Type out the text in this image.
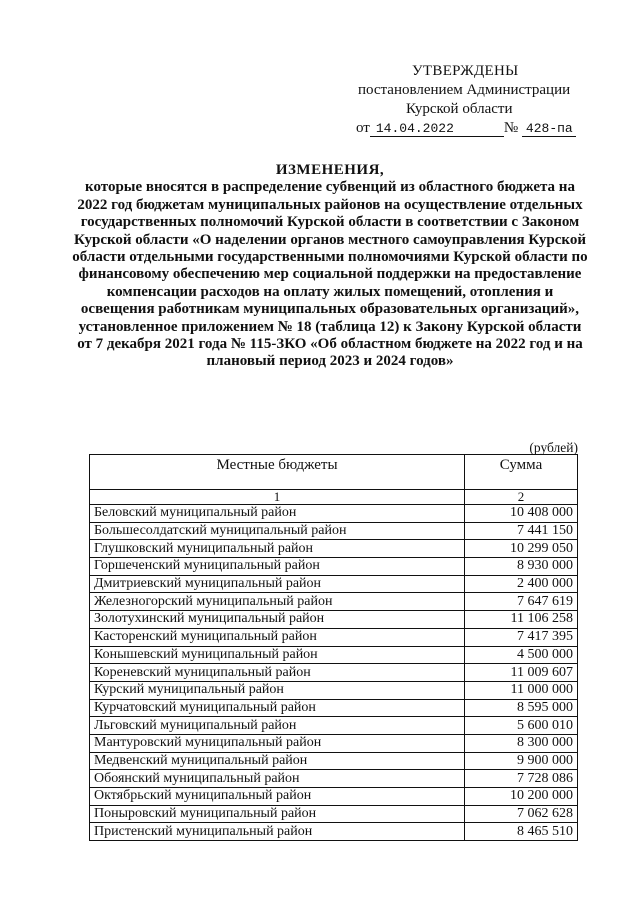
УТВЕРЖДЕНЫ
постановлением Администрации
Курской области
от 14.04.2022	№ 428-па
ИЗМЕНЕНИЯ,
которые вносятся в распределение субвенций из областного бюджета на 2022 год бюджетам муниципальных районов на осуществление отдельных государственных полномочий Курской области в соответствии с Законом Курской области «О наделении органов местного самоуправления Курской области отдельными государственными полномочиями Курской области по финансовому обеспечению мер социальной поддержки на предоставление компенсации расходов на оплату жилых помещений, отопления и освещения работникам муниципальных образовательных организаций», установленное приложением № 18 (таблица 12) к Закону Курской области от 7 декабря 2021 года № 115-ЗКО «Об областном бюджете на 2022 год и на плановый период 2023 и 2024 годов»
(рублей)
Местные бюджеты	Сумма
1	2
Беловский муниципальный район	10 408 000
Большесолдатский муниципальный район	7 441 150
Глушковский муниципальный район	10 299 050
Горшеченский муниципальный район	8 930 000
Дмитриевский муниципальный район	2 400 000
Железногорский муниципальный район	7 647 619
Золотухинский муниципальный район	11 106 258
Касторенский муниципальный район	7 417 395
Конышевский муниципальный район	4 500 000
Кореневский муниципальный район	11 009 607
Курский муниципальный район	11 000 000
Курчатовский муниципальный район	8 595 000
Льговский муниципальный район	5 600 010
Мантуровский муниципальный район	8 300 000
Медвенский муниципальный район	9 900 000
Обоянский муниципальный район	7 728 086
Октябрьский муниципальный район	10 200 000
Поныровский муниципальный район	7 062 628
Пристенский муниципальный район	8 465 510
